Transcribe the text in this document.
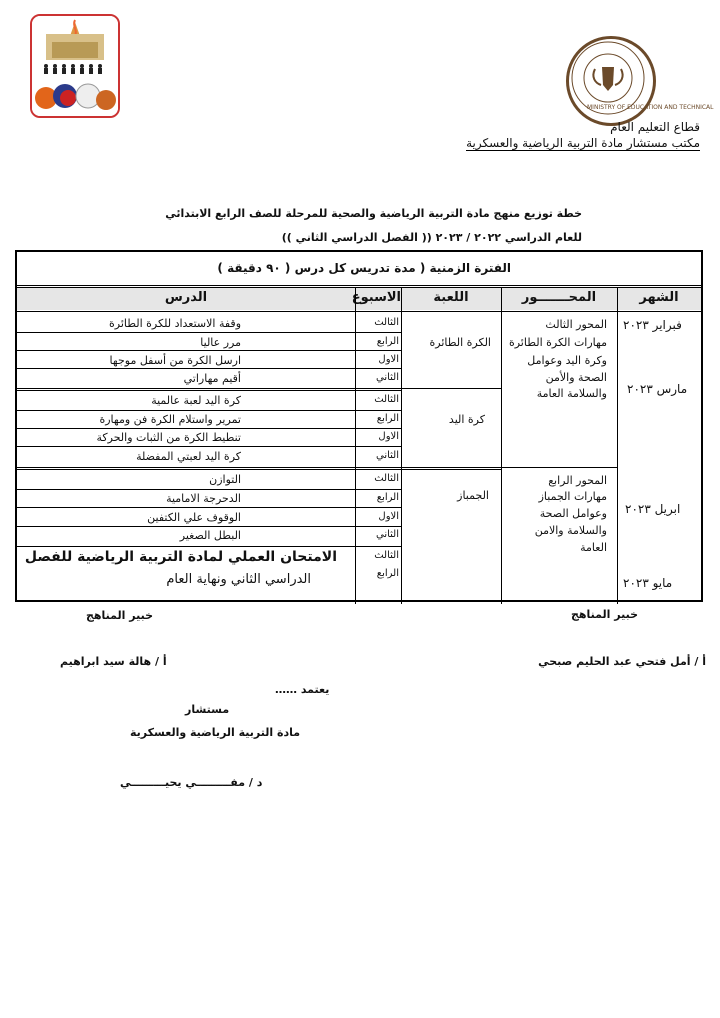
MINISTRY OF EDUCATION AND TECHNICAL
قطاع التعليم العام
مكتب مستشار مادة التربية الرياضية والعسكرية
خطة توزيع منهج مادة التربية الرياضية والصحية للمرحلة للصف الرابع الابتدائي
للعام الدراسي ٢٠٢٢ / ٢٠٢٣ (( الفصل الدراسي الثاني ))
الفترة الزمنية ( مدة تدريس كل درس ( ٩٠ دقيقة )
الشهر
المحـــــــور
اللعبة
الاسبوع
الدرس
فبراير ٢٠٢٣
مارس ٢٠٢٣
ابريل ٢٠٢٣
مايو ٢٠٢٣
المحور الثالث
مهارات الكرة الطائرة
وكرة اليد وعوامل
الصحة والأمن
والسلامة العامة
المحور الرابع
مهارات الجمباز
وعوامل الصحة
والسلامة والامن
العامة
الكرة الطائرة
كرة اليد
الجمباز
الثالث
الرابع
الاول
الثاني
الثالث
الرابع
الاول
الثاني
الثالث
الرابع
الاول
الثاني
الثالث
الرابع
وقفة الاستعداد للكرة الطائرة
مرر عاليا
ارسل الكرة من أسفل موجها
أقيم مهاراتي
كرة اليد لعبة عالمية
تمرير واستلام الكرة فن ومهارة
تنطيط الكرة من الثبات والحركة
كرة اليد لعبتي المفضلة
التوازن
الدحرجة الامامية
الوقوف علي الكتفين
البطل الصغير
الامتحان العملي لمادة التربية الرياضية للفصل
الدراسي الثاني ونهاية العام
خبير المناهج
خبير المناهج
أ / أمل فتحي عبد الحليم صبحي
أ / هالة سيد ابراهيم
يعتمد ……
مستشار
مادة التربية الرياضية والعسكرية
د / مفـــــــــي يحيـــــــــي
